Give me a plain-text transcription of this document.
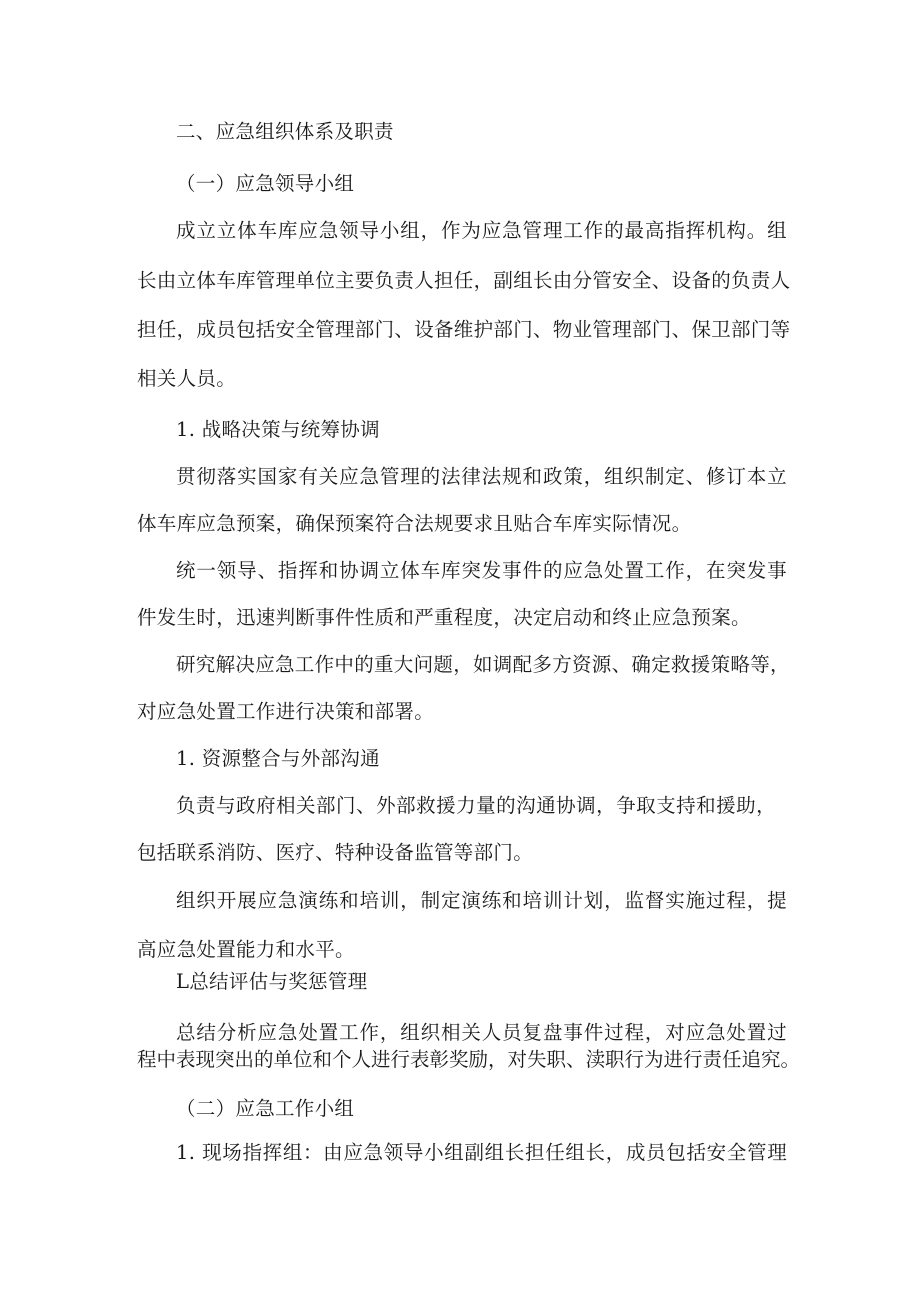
二、应急组织体系及职责

（一）应急领导小组

成立立体车库应急领导小组，作为应急管理工作的最高指挥机构。组

长由立体车库管理单位主要负责人担任，副组长由分管安全、设备的负责人

担任，成员包括安全管理部门、设备维护部门、物业管理部门、保卫部门等

相关人员。

1. 战略决策与统筹协调

贯彻落实国家有关应急管理的法律法规和政策，组织制定、修订本立

体车库应急预案，确保预案符合法规要求且贴合车库实际情况。

统一领导、指挥和协调立体车库突发事件的应急处置工作，在突发事

件发生时，迅速判断事件性质和严重程度，决定启动和终止应急预案。

研究解决应急工作中的重大问题，如调配多方资源、确定救援策略等，

对应急处置工作进行决策和部署。

1. 资源整合与外部沟通

负责与政府相关部门、外部救援力量的沟通协调，争取支持和援助，

包括联系消防、医疗、特种设备监管等部门。

组织开展应急演练和培训，制定演练和培训计划，监督实施过程，提

高应急处置能力和水平。

L总结评估与奖惩管理

总结分析应急处置工作，组织相关人员复盘事件过程，对应急处置过

程中表现突出的单位和个人进行表彰奖励，对失职、渎职行为进行责任追究。

（二）应急工作小组

1. 现场指挥组：由应急领导小组副组长担任组长，成员包括安全管理
